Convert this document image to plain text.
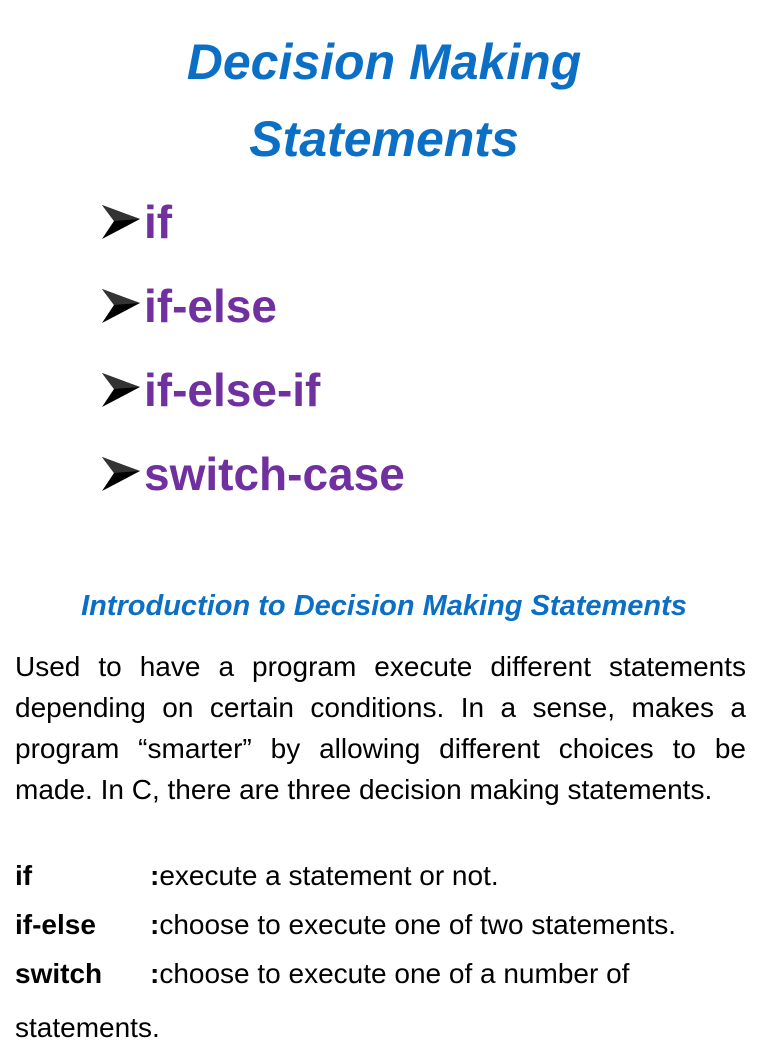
Decision Making
Statements
if
if-else
if-else-if
switch-case
Introduction to Decision Making Statements

Used to have a program execute different statements depending on certain conditions. In a sense, makes a program “smarter” by allowing different choices to be made. In C, there are three decision making statements.

if	: execute a statement or not.
if-else	: choose to execute one of two statements.
switch	: choose to execute one of a number of
statements.
